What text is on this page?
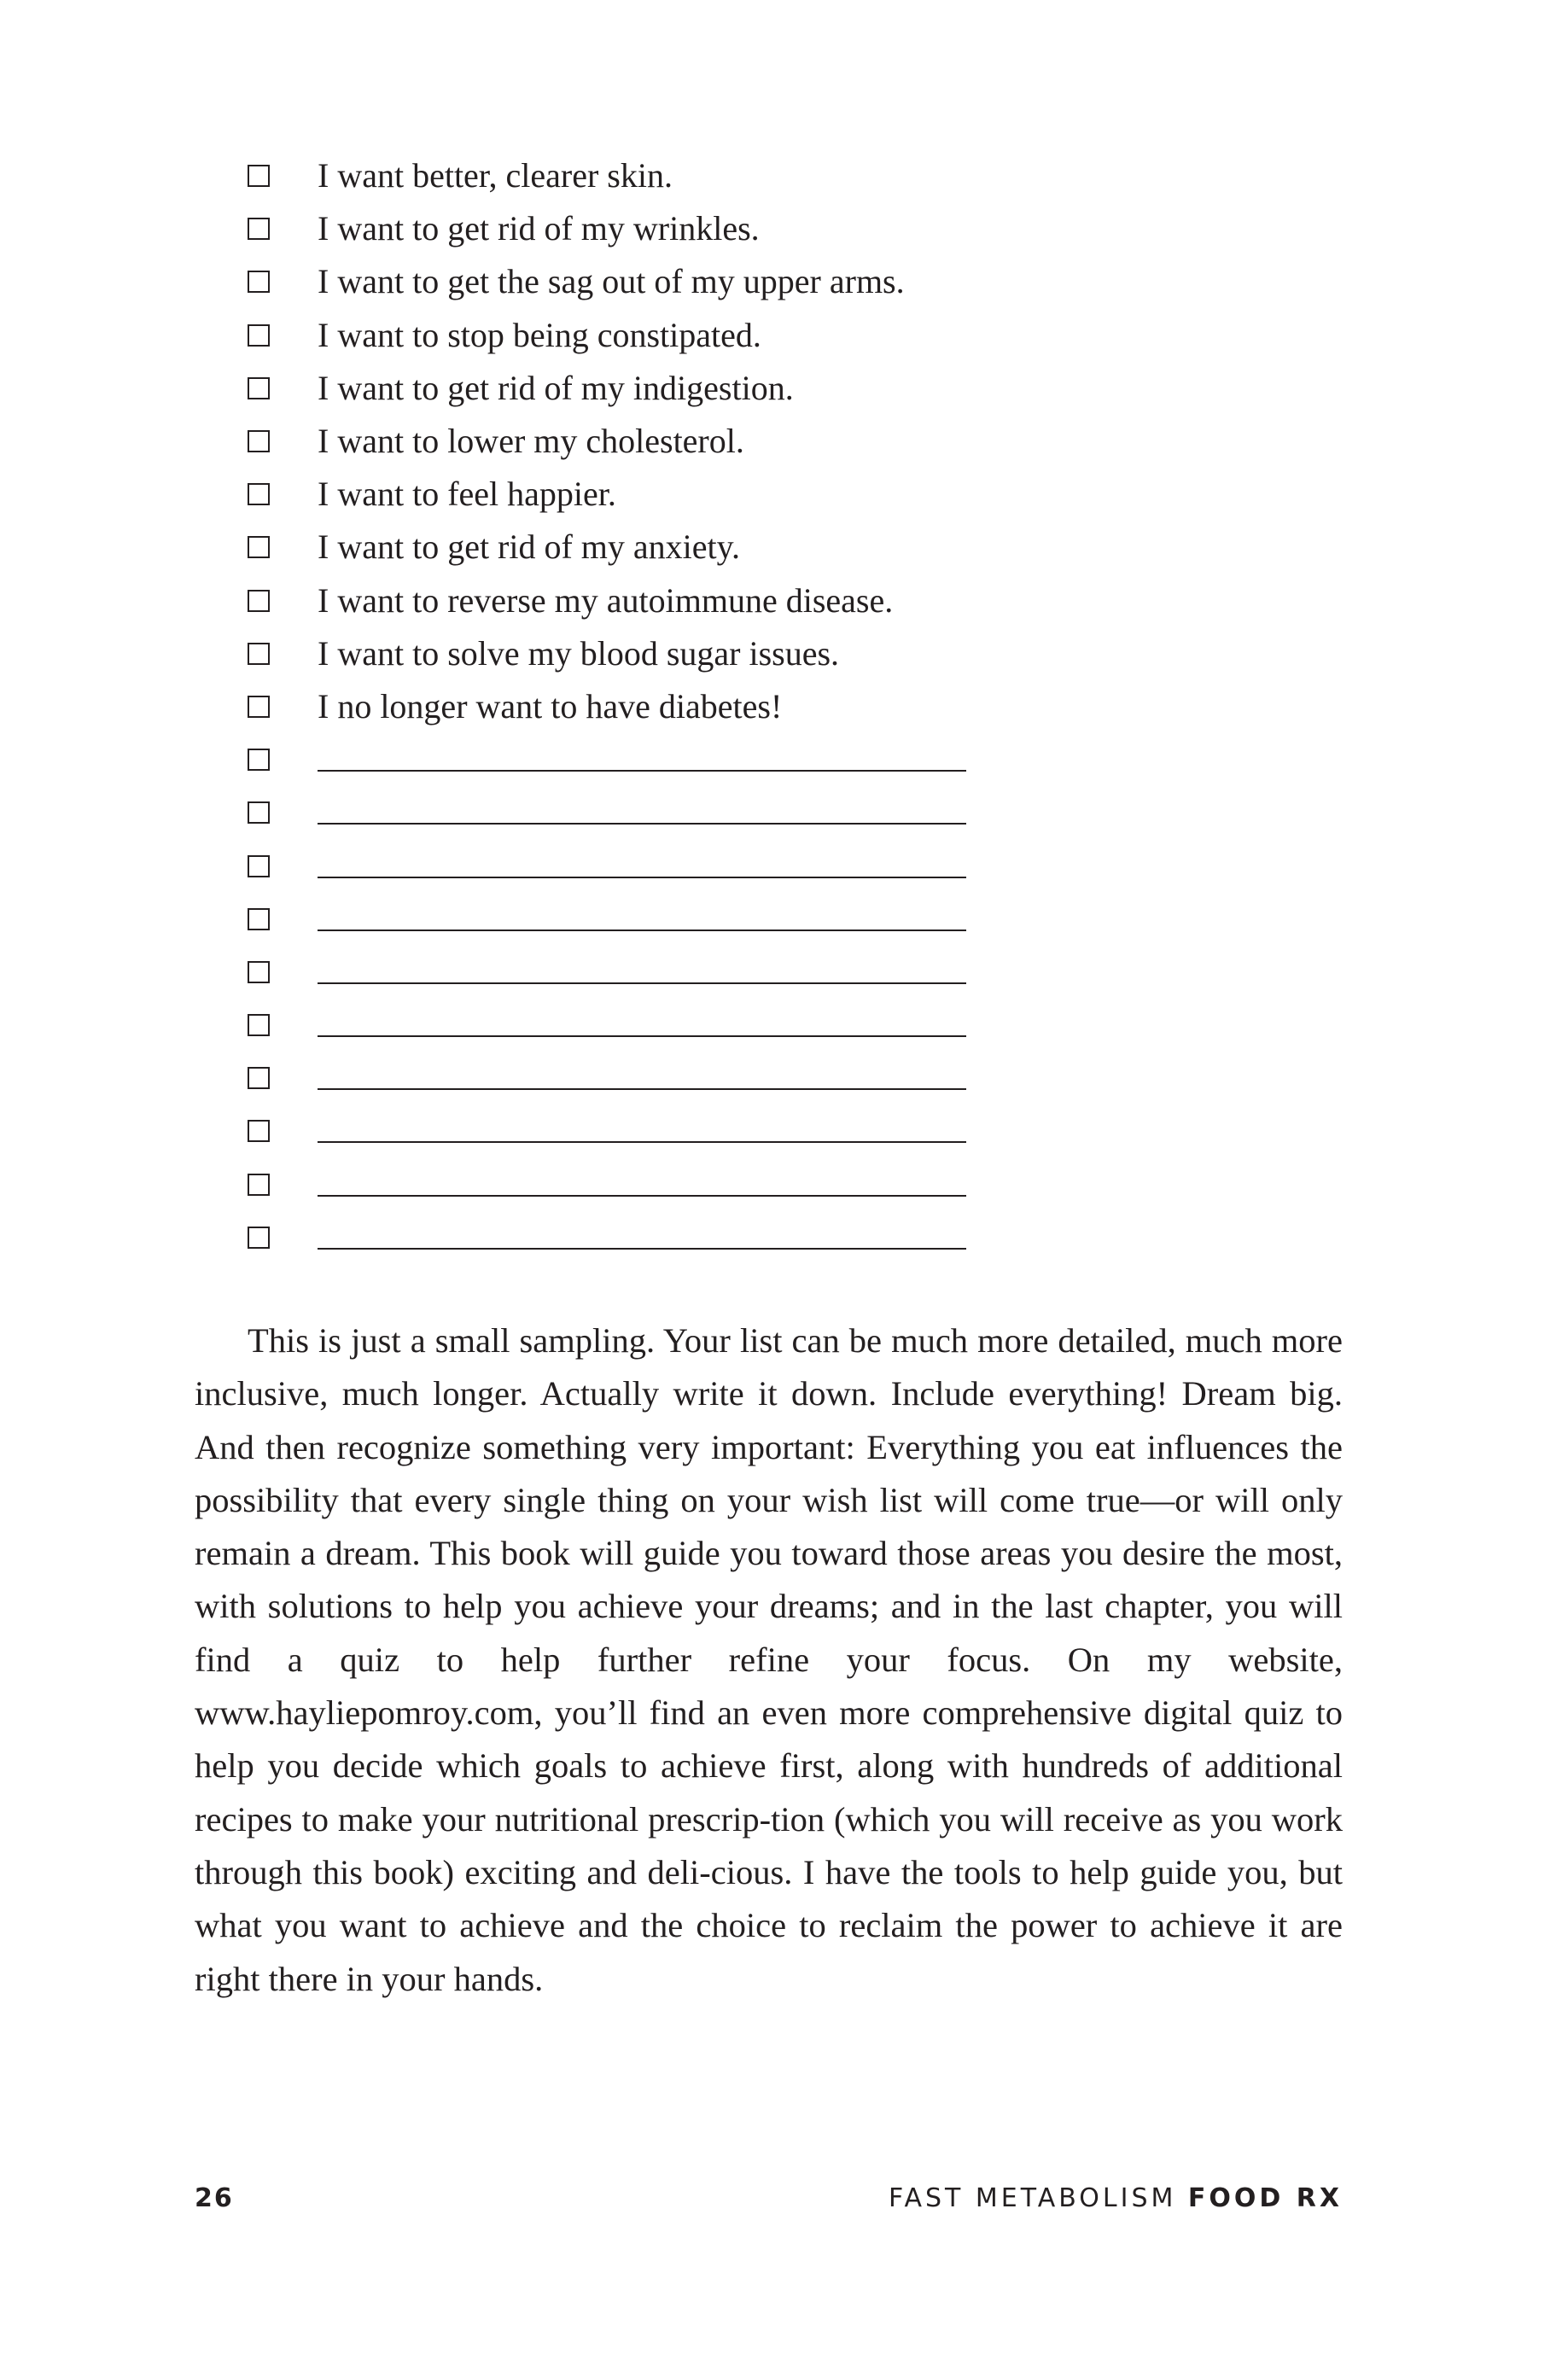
I want better, clearer skin.
I want to get rid of my wrinkles.
I want to get the sag out of my upper arms.
I want to stop being constipated.
I want to get rid of my indigestion.
I want to lower my cholesterol.
I want to feel happier.
I want to get rid of my anxiety.
I want to reverse my autoimmune disease.
I want to solve my blood sugar issues.
I no longer want to have diabetes!

This is just a small sampling. Your list can be much more detailed, much more inclusive, much longer. Actually write it down. Include everything! Dream big. And then recognize something very important: Everything you eat influences the possibility that every single thing on your wish list will come true—or will only remain a dream. This book will guide you toward those areas you desire the most, with solutions to help you achieve your dreams; and in the last chapter, you will find a quiz to help further refine your focus. On my website, www.hayliepomroy.com, you’ll find an even more comprehensive digital quiz to help you decide which goals to achieve first, along with hundreds of additional recipes to make your nutritional prescrip-tion (which you will receive as you work through this book) exciting and deli-cious. I have the tools to help guide you, but what you want to achieve and the choice to reclaim the power to achieve it are right there in your hands.

26	FAST METABOLISM FOOD RX
